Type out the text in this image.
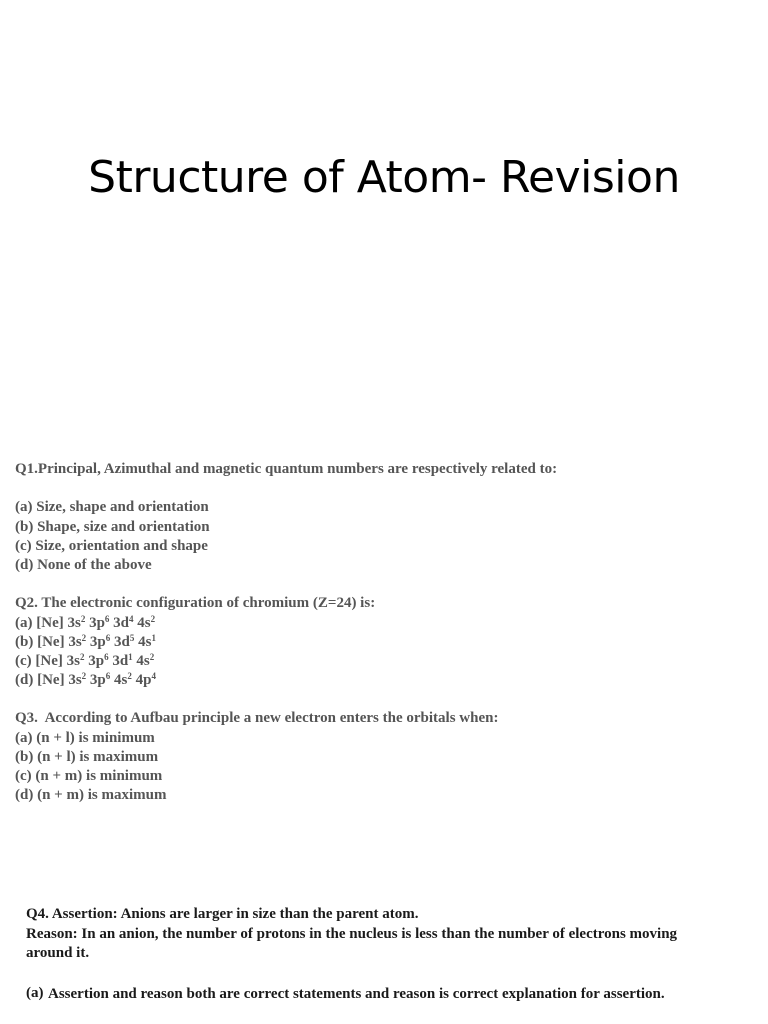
Structure of Atom- Revision
Q1.Principal, Azimuthal and magnetic quantum numbers are respectively related to:
(a) Size, shape and orientation
(b) Shape, size and orientation
(c) Size, orientation and shape
(d) None of the above
Q2. The electronic configuration of chromium (Z=24) is:
(a) [Ne] $3s^2$ $3p^6$ $3d^4$ $4s^2$
(b) [Ne] $3s^2$ $3p^6$ $3d^5$ $4s^1$
(c) [Ne] $3s^2$ $3p^6$ $3d^1$ $4s^2$
(d) [Ne] $3s^2$ $3p^6$ $4s^2$ $4p^4$
Q3.  According to Aufbau principle a new electron enters the orbitals when:
(a) (n + l) is minimum
(b) (n + l) is maximum
(c) (n + m) is minimum
(d) (n + m) is maximum
Q4. Assertion: Anions are larger in size than the parent atom.
Reason: In an anion, the number of protons in the nucleus is less than the number of electrons moving around it.
(a) Assertion and reason both are correct statements and reason is correct explanation for assertion.
